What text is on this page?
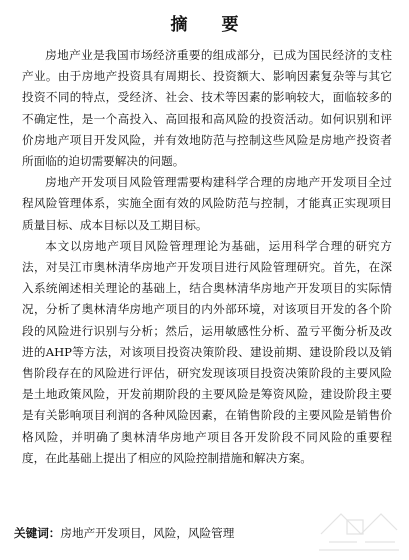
摘 要

房地产业是我国市场经济重要的组成部分，已成为国民经济的支柱产业。由于房地产投资具有周期长、投资额大、影响因素复杂等与其它投资不同的特点，受经济、社会、技术等因素的影响较大，面临较多的不确定性，是一个高投入、高回报和高风险的投资活动。如何识别和评价房地产项目开发风险，并有效地防范与控制这些风险是房地产投资者所面临的迫切需要解决的问题。

房地产开发项目风险管理需要构建科学合理的房地产开发项目全过程风险管理体系，实施全面有效的风险防范与控制，才能真正实现项目质量目标、成本目标以及工期目标。

本文以房地产项目风险管理理论为基础，运用科学合理的研究方法，对吴江市奥林清华房地产开发项目进行风险管理研究。首先，在深入系统阐述相关理论的基础上，结合奥林清华房地产开发项目的实际情况，分析了奥林清华房地产项目的内外部环境，对该项目开发的各个阶段的风险进行识别与分析；然后，运用敏感性分析、盈亏平衡分析及改进的AHP等方法，对该项目投资决策阶段、建设前期、建设阶段以及销售阶段存在的风险进行评估，研究发现该项目投资决策阶段的主要风险是土地政策风险，开发前期阶段的主要风险是筹资风险，建设阶段主要是有关影响项目利润的各种风险因素，在销售阶段的主要风险是销售价格风险，并明确了奥林清华房地产项目各开发阶段不同风险的重要程度，在此基础上提出了相应的风险控制措施和解决方案。

关键词：房地产开发项目，风险，风险管理
